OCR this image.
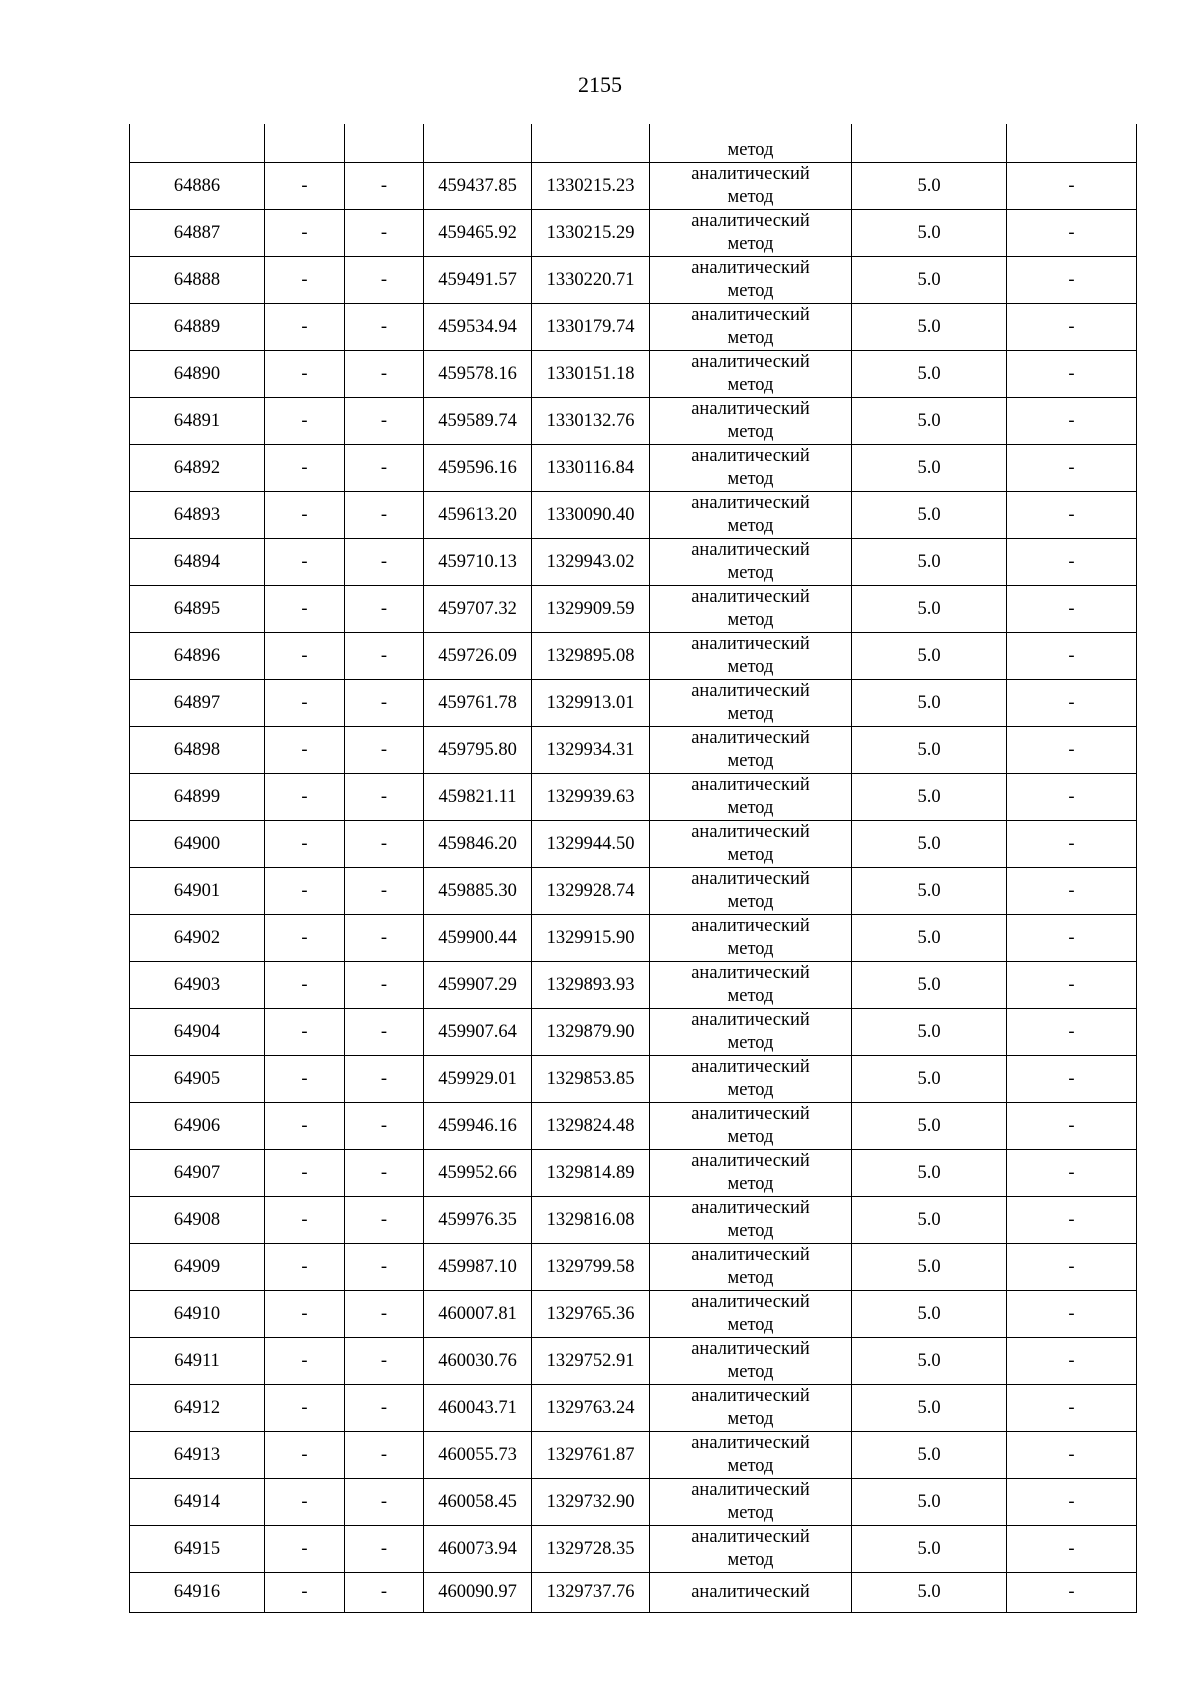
2155

					метод		

64886	-	-	459437.85	1330215.23	аналитический
метод	5.0	-
64887	-	-	459465.92	1330215.29	аналитический
метод	5.0	-
64888	-	-	459491.57	1330220.71	аналитический
метод	5.0	-
64889	-	-	459534.94	1330179.74	аналитический
метод	5.0	-
64890	-	-	459578.16	1330151.18	аналитический
метод	5.0	-
64891	-	-	459589.74	1330132.76	аналитический
метод	5.0	-
64892	-	-	459596.16	1330116.84	аналитический
метод	5.0	-
64893	-	-	459613.20	1330090.40	аналитический
метод	5.0	-
64894	-	-	459710.13	1329943.02	аналитический
метод	5.0	-
64895	-	-	459707.32	1329909.59	аналитический
метод	5.0	-
64896	-	-	459726.09	1329895.08	аналитический
метод	5.0	-
64897	-	-	459761.78	1329913.01	аналитический
метод	5.0	-
64898	-	-	459795.80	1329934.31	аналитический
метод	5.0	-
64899	-	-	459821.11	1329939.63	аналитический
метод	5.0	-
64900	-	-	459846.20	1329944.50	аналитический
метод	5.0	-
64901	-	-	459885.30	1329928.74	аналитический
метод	5.0	-
64902	-	-	459900.44	1329915.90	аналитический
метод	5.0	-
64903	-	-	459907.29	1329893.93	аналитический
метод	5.0	-
64904	-	-	459907.64	1329879.90	аналитический
метод	5.0	-
64905	-	-	459929.01	1329853.85	аналитический
метод	5.0	-
64906	-	-	459946.16	1329824.48	аналитический
метод	5.0	-
64907	-	-	459952.66	1329814.89	аналитический
метод	5.0	-
64908	-	-	459976.35	1329816.08	аналитический
метод	5.0	-
64909	-	-	459987.10	1329799.58	аналитический
метод	5.0	-
64910	-	-	460007.81	1329765.36	аналитический
метод	5.0	-
64911	-	-	460030.76	1329752.91	аналитический
метод	5.0	-
64912	-	-	460043.71	1329763.24	аналитический
метод	5.0	-
64913	-	-	460055.73	1329761.87	аналитический
метод	5.0	-
64914	-	-	460058.45	1329732.90	аналитический
метод	5.0	-
64915	-	-	460073.94	1329728.35	аналитический
метод	5.0	-
64916	-	-	460090.97	1329737.76	аналитический	5.0	-
